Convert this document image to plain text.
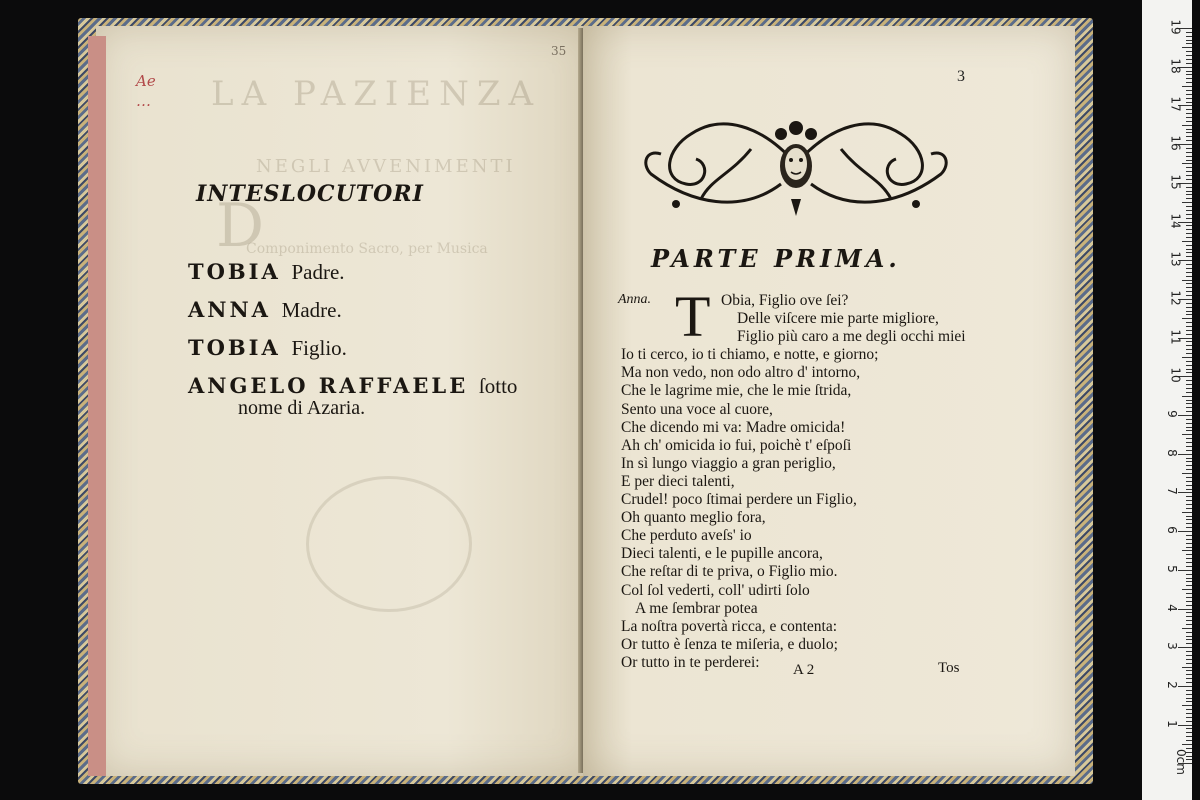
LA PAZIENZA
NEGLI AVVENIMENTI
D
Componimento Sacro, per Musica
Ae
…
35
INTESLOCUTORI
TOBIA Padre.
ANNA Madre.
TOBIA Figlio.
ANGELO RAFFAELE ſotto
nome di Azaria.
3
PARTE PRIMA.
Anna. T Obia, Figlio ove ſei?
Delle viſcere mie parte migliore,
Figlio più caro a me degli occhi miei
Io ti cerco, io ti chiamo, e notte, e giorno;
Ma non vedo, non odo altro d' intorno,
Che le lagrime mie, che le mie ſtrida,
Sento una voce al cuore,
Che dicendo mi va: Madre omicida!
Ah ch' omicida io fui, poichè t' eſpoſi
In sì lungo viaggio a gran periglio,
E per dieci talenti,
Crudel! poco ſtimai perdere un Figlio,
Oh quanto meglio fora,
Che perduto aveſs' io
Dieci talenti, e le pupille ancora,
Che reſtar di te priva, o Figlio mio.
Col ſol vederti, coll' udirti ſolo
A me ſembrar potea
La noſtra povertà ricca, e contenta:
Or tutto è ſenza te miſeria, e duolo;
Or tutto in te perderei:	A 2	Tos
19
18
17
16
15
14
13
12
11
10
9
8
7
6
5
4
3
2
1
0cm
